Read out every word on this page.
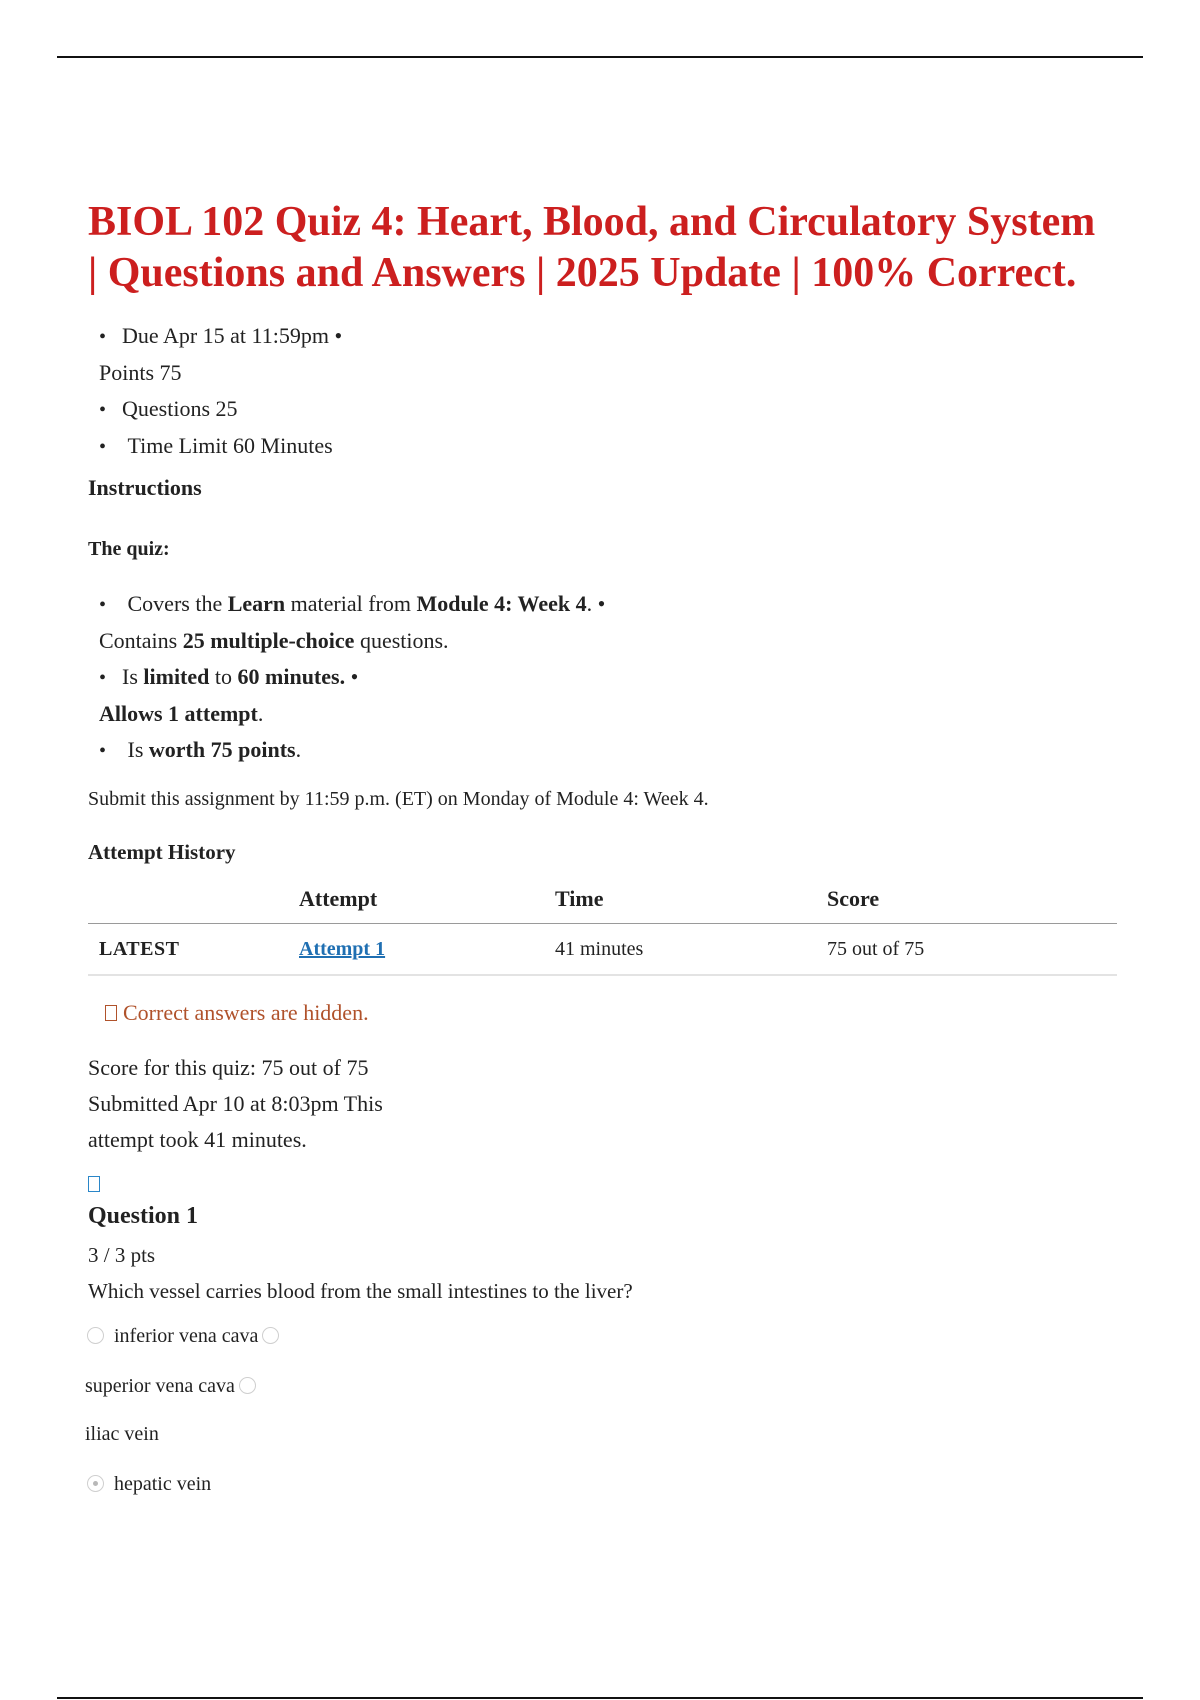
BIOL 102 Quiz 4: Heart, Blood, and Circulatory System
| Questions and Answers | 2025 Update | 100% Correct.
• Due Apr 15 at 11:59pm •
Points 75
• Questions 25
• Time Limit 60 Minutes
Instructions
The quiz:
• Covers the Learn material from Module 4: Week 4. •
Contains 25 multiple-choice questions.
• Is limited to 60 minutes. •
Allows 1 attempt.
• Is worth 75 points.
Submit this assignment by 11:59 p.m. (ET) on Monday of Module 4: Week 4.
Attempt History
	Attempt	Time	Score
LATEST	Attempt 1	41 minutes	75 out of 75
Correct answers are hidden.
Score for this quiz: 75 out of 75
Submitted Apr 10 at 8:03pm This
attempt took 41 minutes.
Question 1
3 / 3 pts
Which vessel carries blood from the small intestines to the liver?
inferior vena cava
superior vena cava
iliac vein
hepatic vein
